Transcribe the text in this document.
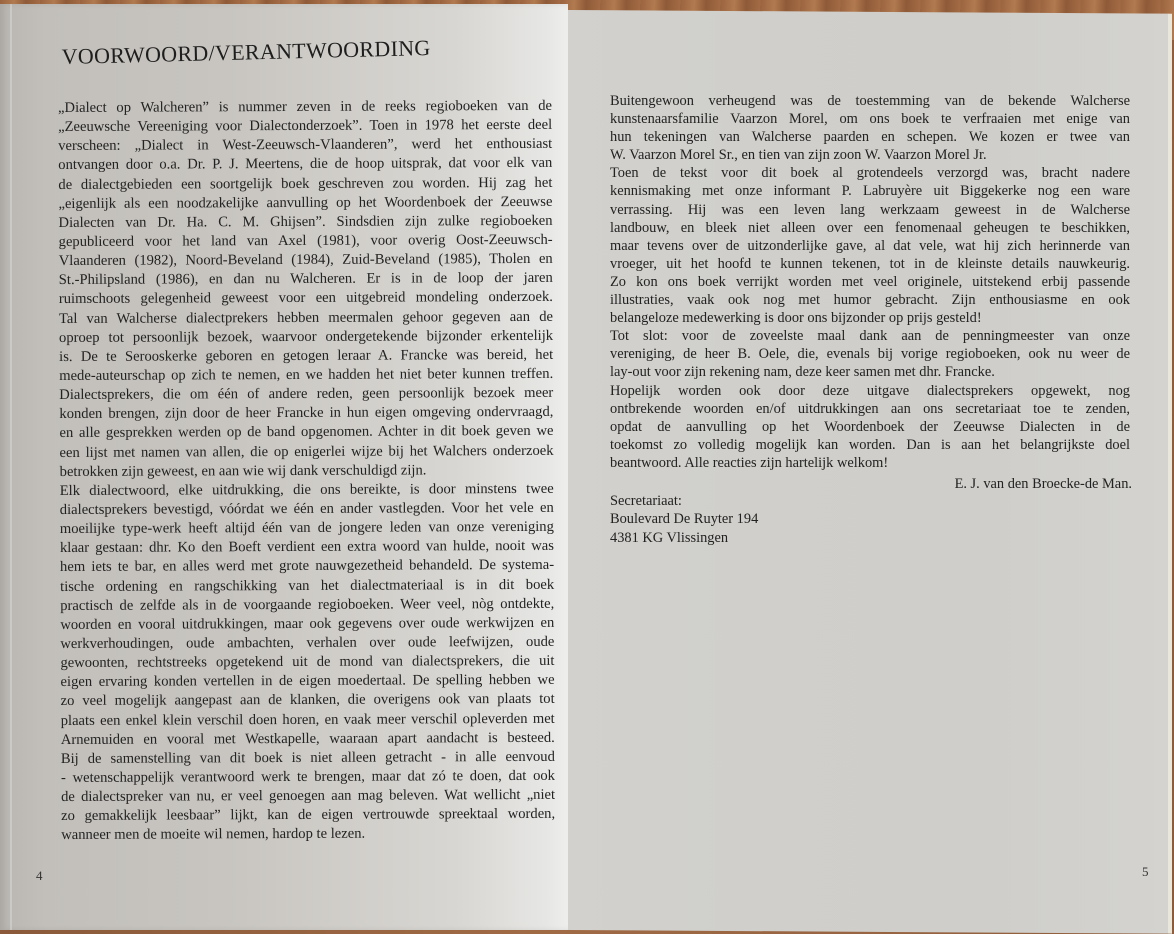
VOORWOORD/VERANTWOORDING
„Dialect op Walcheren” is nummer zeven in de reeks regioboeken van de
„Zeeuwsche Vereeniging voor Dialectonderzoek”. Toen in 1978 het eerste deel
verscheen: „Dialect in West-Zeeuwsch-Vlaanderen”, werd het enthousiast
ontvangen door o.a. Dr. P. J. Meertens, die de hoop uitsprak, dat voor elk van
de dialectgebieden een soortgelijk boek geschreven zou worden. Hij zag het
„eigenlijk als een noodzakelijke aanvulling op het Woordenboek der Zeeuwse
Dialecten van Dr. Ha. C. M. Ghijsen”. Sindsdien zijn zulke regioboeken
gepubliceerd voor het land van Axel (1981), voor overig Oost-Zeeuwsch-
Vlaanderen (1982), Noord-Beveland (1984), Zuid-Beveland (1985), Tholen en
St.-Philipsland (1986), en dan nu Walcheren. Er is in de loop der jaren
ruimschoots gelegenheid geweest voor een uitgebreid mondeling onderzoek.
Tal van Walcherse dialectprekers hebben meermalen gehoor gegeven aan de
oproep tot persoonlijk bezoek, waarvoor ondergetekende bijzonder erkentelijk
is. De te Serooskerke geboren en getogen leraar A. Francke was bereid, het
mede-auteurschap op zich te nemen, en we hadden het niet beter kunnen treffen.
Dialectsprekers, die om één of andere reden, geen persoonlijk bezoek meer
konden brengen, zijn door de heer Francke in hun eigen omgeving ondervraagd,
en alle gesprekken werden op de band opgenomen. Achter in dit boek geven we
een lijst met namen van allen, die op enigerlei wijze bij het Walchers onderzoek
betrokken zijn geweest, en aan wie wij dank verschuldigd zijn.
Elk dialectwoord, elke uitdrukking, die ons bereikte, is door minstens twee
dialectsprekers bevestigd, vóórdat we één en ander vastlegden. Voor het vele en
moeilijke type-werk heeft altijd één van de jongere leden van onze vereniging
klaar gestaan: dhr. Ko den Boeft verdient een extra woord van hulde, nooit was
hem iets te bar, en alles werd met grote nauwgezetheid behandeld. De systema-
tische ordening en rangschikking van het dialectmateriaal is in dit boek
practisch de zelfde als in de voorgaande regioboeken. Weer veel, nòg ontdekte,
woorden en vooral uitdrukkingen, maar ook gegevens over oude werkwijzen en
werkverhoudingen, oude ambachten, verhalen over oude leefwijzen, oude
gewoonten, rechtstreeks opgetekend uit de mond van dialectsprekers, die uit
eigen ervaring konden vertellen in de eigen moedertaal. De spelling hebben we
zo veel mogelijk aangepast aan de klanken, die overigens ook van plaats tot
plaats een enkel klein verschil doen horen, en vaak meer verschil opleverden met
Arnemuiden en vooral met Westkapelle, waaraan apart aandacht is besteed.
Bij de samenstelling van dit boek is niet alleen getracht - in alle eenvoud
- wetenschappelijk verantwoord werk te brengen, maar dat zó te doen, dat ook
de dialectspreker van nu, er veel genoegen aan mag beleven. Wat wellicht „niet
zo gemakkelijk leesbaar” lijkt, kan de eigen vertrouwde spreektaal worden,
wanneer men de moeite wil nemen, hardop te lezen.
4
Buitengewoon verheugend was de toestemming van de bekende Walcherse
kunstenaarsfamilie Vaarzon Morel, om ons boek te verfraaien met enige van
hun tekeningen van Walcherse paarden en schepen. We kozen er twee van
W. Vaarzon Morel Sr., en tien van zijn zoon W. Vaarzon Morel Jr.
Toen de tekst voor dit boek al grotendeels verzorgd was, bracht nadere
kennismaking met onze informant P. Labruyère uit Biggekerke nog een ware
verrassing. Hij was een leven lang werkzaam geweest in de Walcherse
landbouw, en bleek niet alleen over een fenomenaal geheugen te beschikken,
maar tevens over de uitzonderlijke gave, al dat vele, wat hij zich herinnerde van
vroeger, uit het hoofd te kunnen tekenen, tot in de kleinste details nauwkeurig.
Zo kon ons boek verrijkt worden met veel originele, uitstekend erbij passende
illustraties, vaak ook nog met humor gebracht. Zijn enthousiasme en ook
belangeloze medewerking is door ons bijzonder op prijs gesteld!
Tot slot: voor de zoveelste maal dank aan de penningmeester van onze
vereniging, de heer B. Oele, die, evenals bij vorige regioboeken, ook nu weer de
lay-out voor zijn rekening nam, deze keer samen met dhr. Francke.
Hopelijk worden ook door deze uitgave dialectsprekers opgewekt, nog
ontbrekende woorden en/of uitdrukkingen aan ons secretariaat toe te zenden,
opdat de aanvulling op het Woordenboek der Zeeuwse Dialecten in de
toekomst zo volledig mogelijk kan worden. Dan is aan het belangrijkste doel
beantwoord. Alle reacties zijn hartelijk welkom!
E. J. van den Broecke-de Man.
Secretariaat:
Boulevard De Ruyter 194
4381 KG Vlissingen
5
